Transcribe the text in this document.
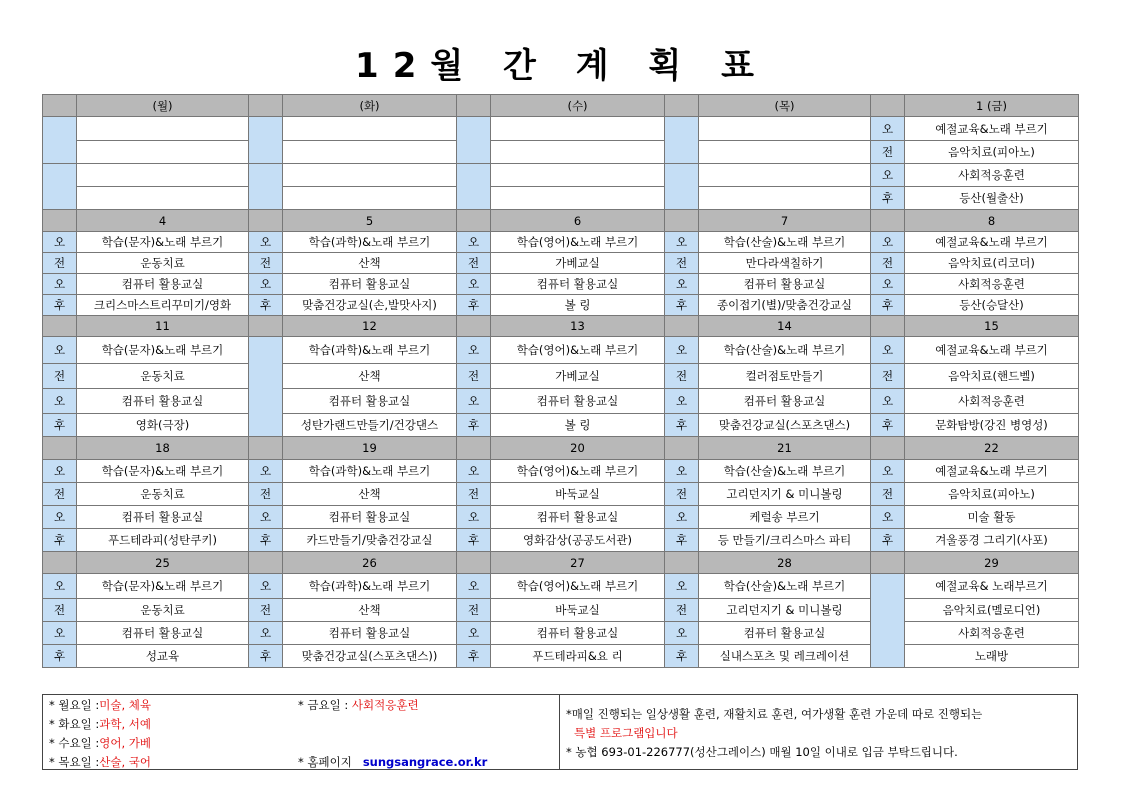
12월 간 계 획 표
	(월)		(화)		(수)		(목)		1 (금)
								오	예절교육&노래 부르기
								전	음악치료(피아노)
								오	사회적응훈련
								후	등산(월출산)
	4		5		6		7		8
오	학습(문자)&노래 부르기	오	학습(과학)&노래 부르기	오	학습(영어)&노래 부르기	오	학습(산술)&노래 부르기	오	예절교육&노래 부르기
전	운동치료	전	산책	전	가베교실	전	만다라색칠하기	전	음악치료(리코더)
오	컴퓨터 활용교실	오	컴퓨터 활용교실	오	컴퓨터 활용교실	오	컴퓨터 활용교실	오	사회적응훈련
후	크리스마스트리꾸미기/영화	후	맞춤건강교실(손,발맛사지)	후	볼 링	후	종이접기(별)/맞춤건강교실	후	등산(승달산)
	11		12		13		14		15
오	학습(문자)&노래 부르기		학습(과학)&노래 부르기	오	학습(영어)&노래 부르기	오	학습(산술)&노래 부르기	오	예절교육&노래 부르기
전	운동치료		산책	전	가베교실	전	컬러점토만들기	전	음악치료(핸드벨)
오	컴퓨터 활용교실		컴퓨터 활용교실	오	컴퓨터 활용교실	오	컴퓨터 활용교실	오	사회적응훈련
후	영화(극장)		성탄가랜드만들기/건강댄스	후	볼 링	후	맞춤건강교실(스포츠댄스)	후	문화탐방(강진 병영성)
	18		19		20		21		22
오	학습(문자)&노래 부르기	오	학습(과학)&노래 부르기	오	학습(영어)&노래 부르기	오	학습(산술)&노래 부르기	오	예절교육&노래 부르기
전	운동치료	전	산책	전	바둑교실	전	고리던지기 & 미니볼링	전	음악치료(피아노)
오	컴퓨터 활용교실	오	컴퓨터 활용교실	오	컴퓨터 활용교실	오	케럴송 부르기	오	미술 활동
후	푸드테라피(성탄쿠키)	후	카드만들기/맞춤건강교실	후	영화감상(공공도서관)	후	등 만들기/크리스마스 파티	후	겨울풍경 그리기(사포)
	25		26		27		28		29
오	학습(문자)&노래 부르기	오	학습(과학)&노래 부르기	오	학습(영어)&노래 부르기	오	학습(산술)&노래 부르기		예절교육& 노래부르기
전	운동치료	전	산책	전	바둑교실	전	고리던지기 & 미니볼링		음악치료(멜로디언)
오	컴퓨터 활용교실	오	컴퓨터 활용교실	오	컴퓨터 활용교실	오	컴퓨터 활용교실		사회적응훈련
후	성교육	후	맞춤건강교실(스포츠댄스))	후	푸드테라피&요 리	후	실내스포츠 및 레크레이션		노래방
* 월요일 :미술, 체육
* 화요일 :과학, 서예
* 수요일 :영어, 가베
* 목요일 :산술, 국어
* 금요일 : 사회적응훈련
* 홈페이지 sungsangrace.or.kr
*매일 진행되는 일상생활 훈련, 재활치료 훈련, 여가생활 훈련 가운데 따로 진행되는
특별 프로그램입니다
* 농협 693-01-226777(성산그레이스) 매월 10일 이내로 입금 부탁드립니다.
